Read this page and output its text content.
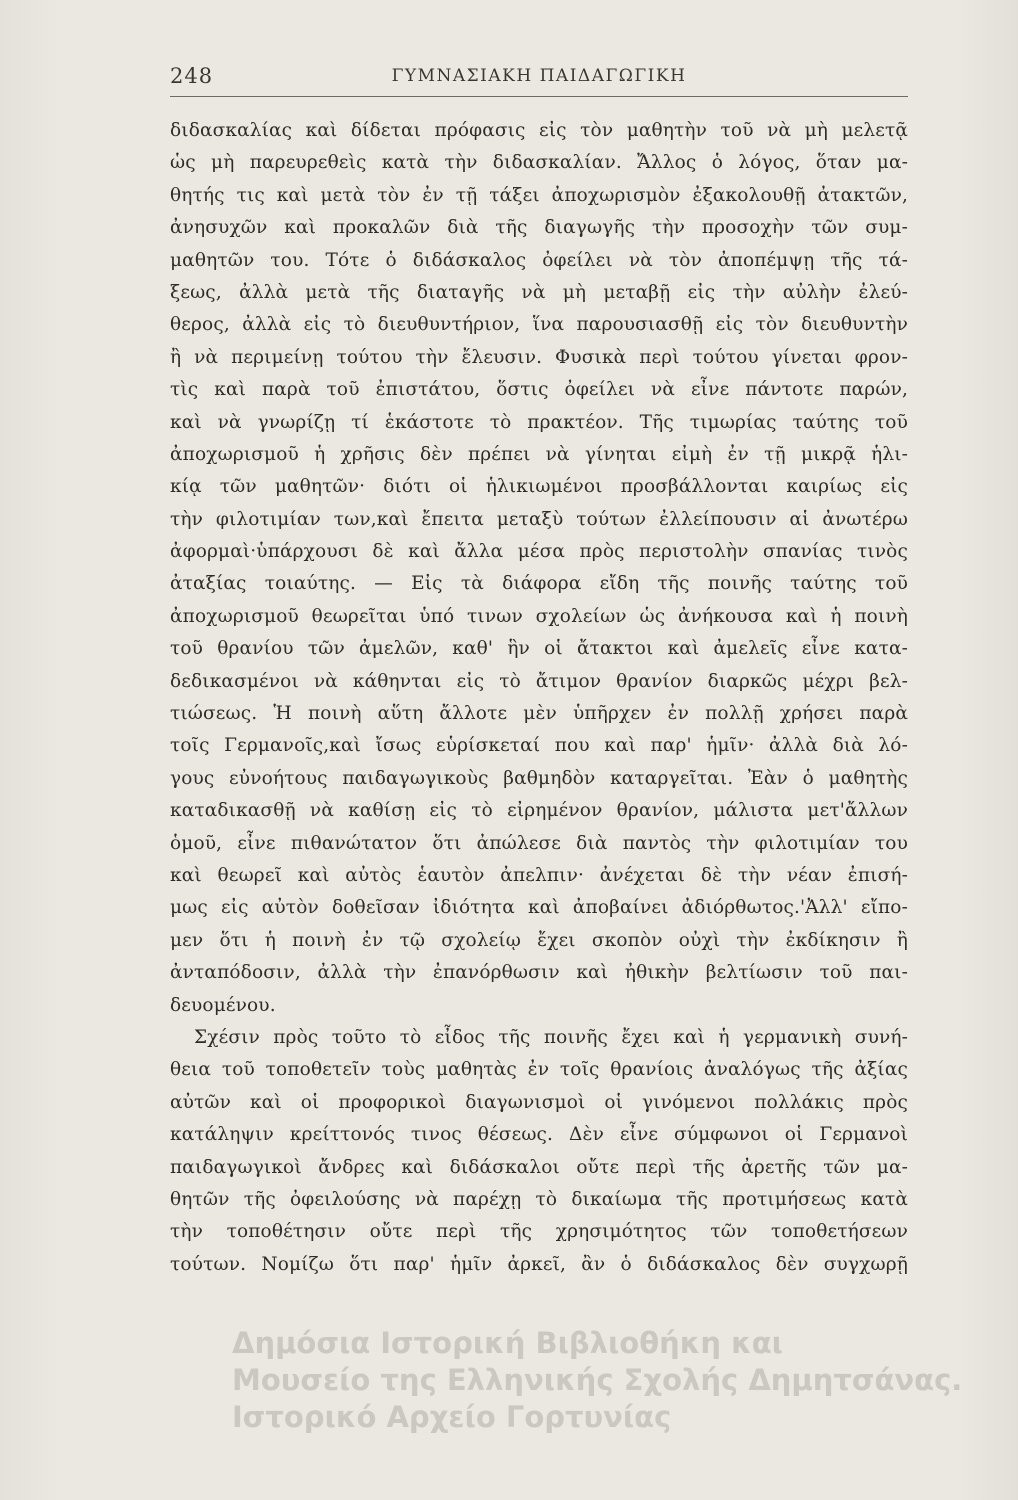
248	ΓΥΜΝΑΣΙΑΚΗ ΠΑΙΔΑΓΩΓΙΚΗ
διδασκαλίας καὶ δίδεται πρόφασις εἰς τὸν μαθητὴν τοῦ νὰ μὴ μελετᾷ
ὡς μὴ παρευρεθεὶς κατὰ τὴν διδασκαλίαν. Ἄλλος ὁ λόγος, ὅταν μα-
θητής τις καὶ μετὰ τὸν ἐν τῇ τάξει ἀποχωρισμὸν ἐξακολουθῇ ἀτακτῶν,
ἀνησυχῶν καὶ προκαλῶν διὰ τῆς διαγωγῆς τὴν προσοχὴν τῶν συμ-
μαθητῶν του. Τότε ὁ διδάσκαλος ὀφείλει νὰ τὸν ἀποπέμψῃ τῆς τά-
ξεως, ἀλλὰ μετὰ τῆς διαταγῆς νὰ μὴ μεταβῇ εἰς τὴν αὐλὴν ἐλεύ-
θερος, ἀλλὰ εἰς τὸ διευθυντήριον, ἵνα παρουσιασθῇ εἰς τὸν διευθυντὴν
ἢ νὰ περιμείνῃ τούτου τὴν ἔλευσιν. Φυσικὰ περὶ τούτου γίνεται φρον-
τὶς καὶ παρὰ τοῦ ἐπιστάτου, ὅστις ὀφείλει νὰ εἶνε πάντοτε παρών,
καὶ νὰ γνωρίζῃ τί ἑκάστοτε τὸ πρακτέον. Τῆς τιμωρίας ταύτης τοῦ
ἀποχωρισμοῦ ἡ χρῆσις δὲν πρέπει νὰ γίνηται εἰμὴ ἐν τῇ μικρᾷ ἡλι-
κίᾳ τῶν μαθητῶν· διότι οἱ ἡλικιωμένοι προσβάλλονται καιρίως εἰς
τὴν φιλοτιμίαν των,καὶ ἔπειτα μεταξὺ τούτων ἐλλείπουσιν αἱ ἀνωτέρω
ἀφορμαὶ·ὑπάρχουσι δὲ καὶ ἄλλα μέσα πρὸς περιστολὴν σπανίας τινὸς
ἀταξίας τοιαύτης. — Εἰς τὰ διάφορα εἴδη τῆς ποινῆς ταύτης τοῦ
ἀποχωρισμοῦ θεωρεῖται ὑπό τινων σχολείων ὡς ἀνήκουσα καὶ ἡ ποινὴ
τοῦ θρανίου τῶν ἀμελῶν, καθ' ἣν οἱ ἄτακτοι καὶ ἀμελεῖς εἶνε κατα-
δεδικασμένοι νὰ κάθηνται εἰς τὸ ἄτιμον θρανίον διαρκῶς μέχρι βελ-
τιώσεως. Ἡ ποινὴ αὕτη ἄλλοτε μὲν ὑπῆρχεν ἐν πολλῇ χρήσει παρὰ
τοῖς Γερμανοῖς,καὶ ἴσως εὑρίσκεταί που καὶ παρ' ἡμῖν· ἀλλὰ διὰ λό-
γους εὐνοήτους παιδαγωγικοὺς βαθμηδὸν καταργεῖται. Ἐὰν ὁ μαθητὴς
καταδικασθῇ νὰ καθίσῃ εἰς τὸ εἰρημένον θρανίον, μάλιστα μετ'ἄλλων
ὁμοῦ, εἶνε πιθανώτατον ὅτι ἀπώλεσε διὰ παντὸς τὴν φιλοτιμίαν του
καὶ θεωρεῖ καὶ αὐτὸς ἑαυτὸν ἀπελπιν· ἀνέχεται δὲ τὴν νέαν ἐπισή-
μως εἰς αὐτὸν δοθεῖσαν ἰδιότητα καὶ ἀποβαίνει ἀδιόρθωτος.'Ἀλλ' εἴπο-
μεν ὅτι ἡ ποινὴ ἐν τῷ σχολείῳ ἔχει σκοπὸν οὐχὶ τὴν ἐκδίκησιν ἢ
ἀνταπόδοσιν, ἀλλὰ τὴν ἐπανόρθωσιν καὶ ἠθικὴν βελτίωσιν τοῦ παι-
δευομένου.
Σχέσιν πρὸς τοῦτο τὸ εἶδος τῆς ποινῆς ἔχει καὶ ἡ γερμανικὴ συνή-
θεια τοῦ τοποθετεῖν τοὺς μαθητὰς ἐν τοῖς θρανίοις ἀναλόγως τῆς ἀξίας
αὐτῶν καὶ οἱ προφορικοὶ διαγωνισμοὶ οἱ γινόμενοι πολλάκις πρὸς
κατάληψιν κρείττονός τινος θέσεως. Δὲν εἶνε σύμφωνοι οἱ Γερμανοὶ
παιδαγωγικοὶ ἄνδρες καὶ διδάσκαλοι οὔτε περὶ τῆς ἀρετῆς τῶν μα-
θητῶν τῆς ὀφειλούσης νὰ παρέχῃ τὸ δικαίωμα τῆς προτιμήσεως κατὰ
τὴν τοποθέτησιν οὔτε περὶ τῆς χρησιμότητος τῶν τοποθετήσεων
τούτων. Νομίζω ὅτι παρ' ἡμῖν ἀρκεῖ, ἂν ὁ διδάσκαλος δὲν συγχωρῇ
Δημόσια Ιστορική Βιβλιοθήκη και
Μουσείο της Ελληνικής Σχολής Δημητσάνας.
Ιστορικό Αρχείο Γορτυνίας
